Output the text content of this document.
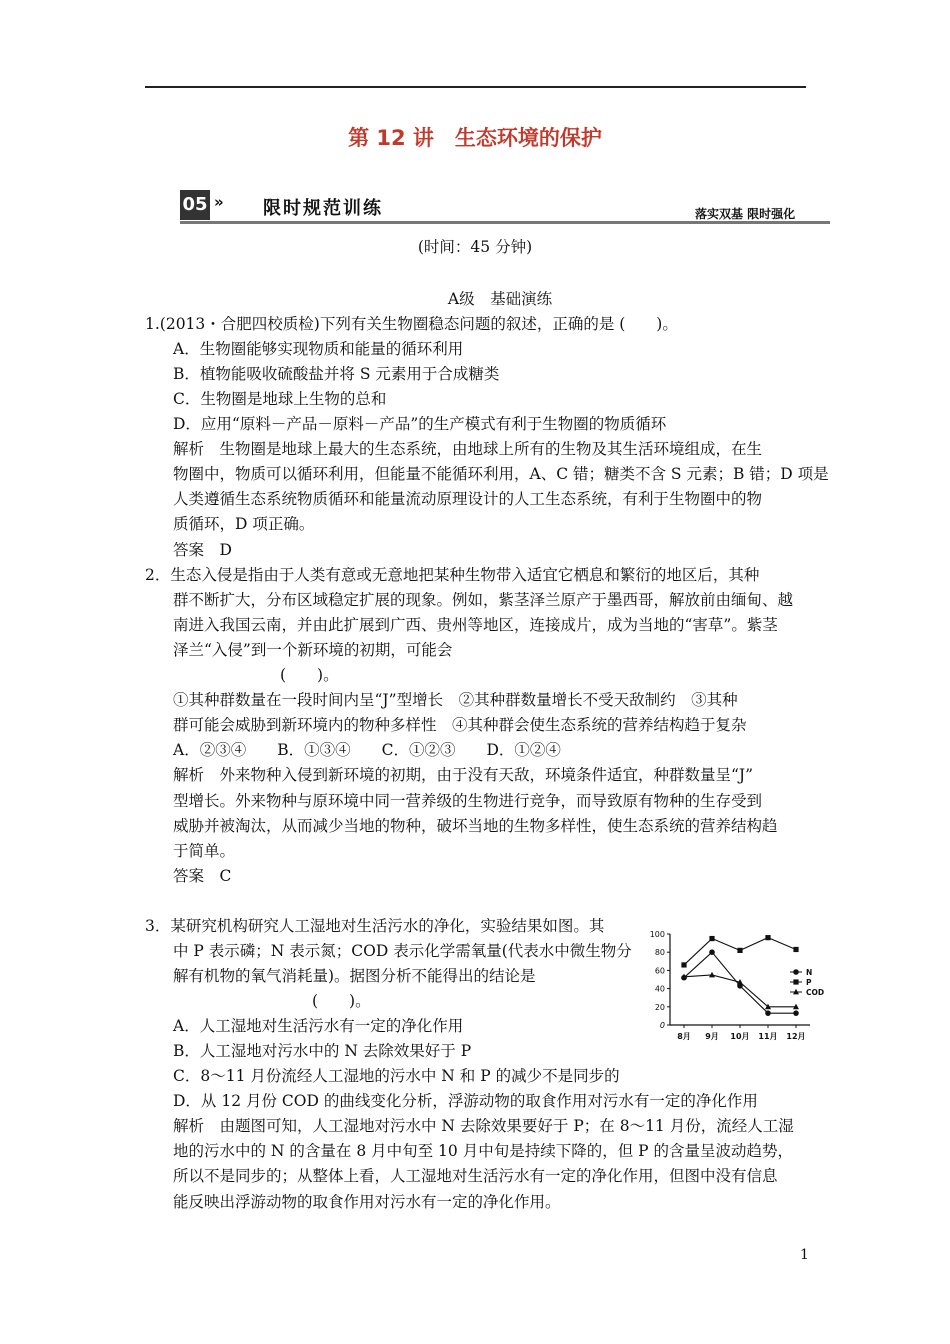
第 12 讲　生态环境的保护
05 » 限时规范训练	落实双基 限时强化
(时间：45 分钟)
A级　基础演练
1.(2013・合肥四校质检)下列有关生物圈稳态问题的叙述，正确的是 (　　)。
A．生物圈能够实现物质和能量的循环利用
B．植物能吸收硫酸盐并将 S 元素用于合成糖类
C．生物圈是地球上生物的总和
D．应用“原料－产品－原料－产品”的生产模式有利于生物圈的物质循环
解析　生物圈是地球上最大的生态系统，由地球上所有的生物及其生活环境组成，在生
物圈中，物质可以循环利用，但能量不能循环利用，A、C 错；糖类不含 S 元素；B 错；D 项是
人类遵循生态系统物质循环和能量流动原理设计的人工生态系统，有利于生物圈中的物
质循环，D 项正确。
答案　D
2．生态入侵是指由于人类有意或无意地把某种生物带入适宜它栖息和繁衍的地区后，其种
群不断扩大，分布区域稳定扩展的现象。例如，紫茎泽兰原产于墨西哥，解放前由缅甸、越
南进入我国云南，并由此扩展到广西、贵州等地区，连接成片，成为当地的“害草”。紫茎
泽兰“入侵”到一个新环境的初期，可能会
(　　)。
①其种群数量在一段时间内呈“J”型增长　②其种群数量增长不受天敌制约　③其种
群可能会威胁到新环境内的物种多样性　④其种群会使生态系统的营养结构趋于复杂
A．②③④　　B．①③④　　C．①②③　　D．①②④
解析　外来物种入侵到新环境的初期，由于没有天敌，环境条件适宜，种群数量呈“J”
型增长。外来物种与原环境中同一营养级的生物进行竞争，而导致原有物种的生存受到
威胁并被淘汰，从而减少当地的物种，破坏当地的生物多样性，使生态系统的营养结构趋
于简单。
答案　C
3．某研究机构研究人工湿地对生活污水的净化，实验结果如图。其
中 P 表示磷；N 表示氮；COD 表示化学需氧量(代表水中微生物分
解有机物的氧气消耗量)。据图分析不能得出的结论是
(　　)。
A．人工湿地对生活污水有一定的净化作用
B．人工湿地对污水中的 N 去除效果好于 P
C．8～11 月份流经人工湿地的污水中 N 和 P 的减少不是同步的
D．从 12 月份 COD 的曲线变化分析，浮游动物的取食作用对污水有一定的净化作用
解析　由题图可知，人工湿地对污水中 N 去除效果要好于 P；在 8～11 月份，流经人工湿
地的污水中的 N 的含量在 8 月中旬至 10 月中旬是持续下降的，但 P 的含量呈波动趋势，
所以不是同步的；从整体上看，人工湿地对生活污水有一定的净化作用，但图中没有信息
能反映出浮游动物的取食作用对污水有一定的净化作用。
0
20
40
60
80
100
8月 9月 10月 11月 12月
N
P
COD
1
